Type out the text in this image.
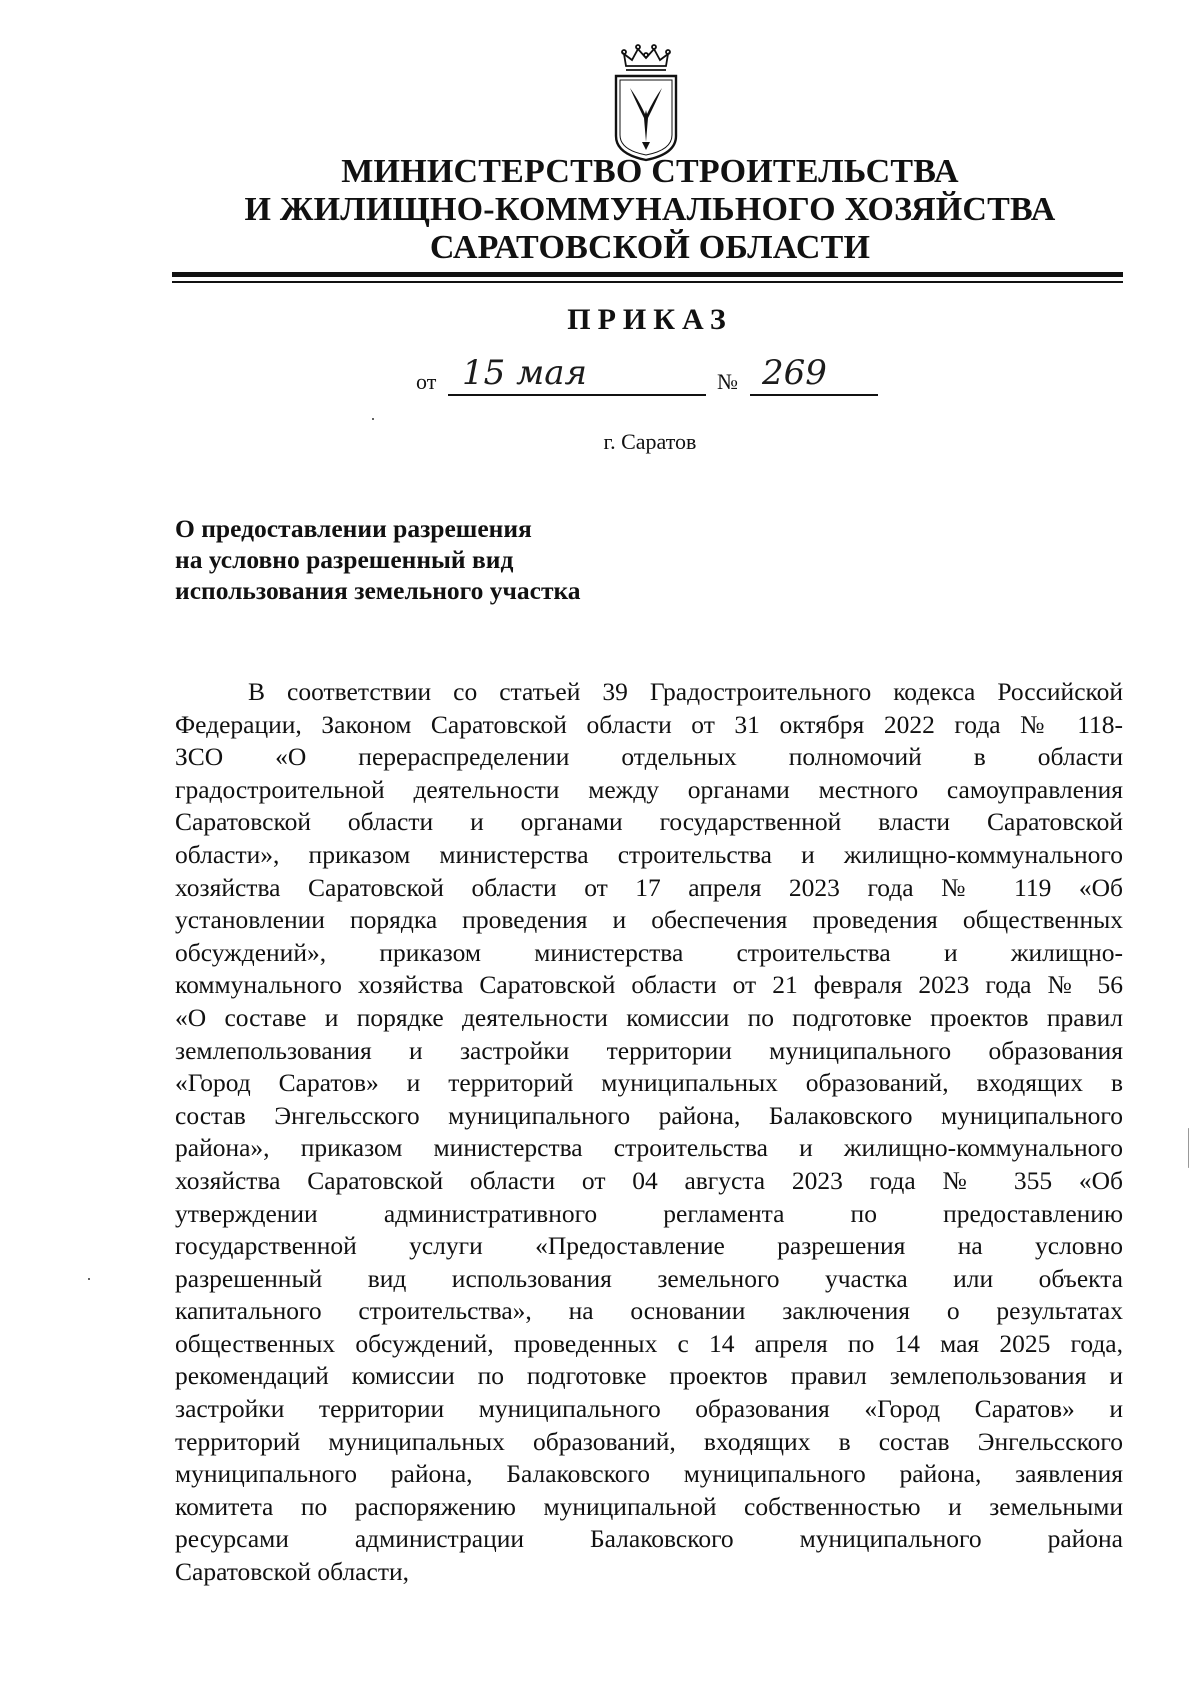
МИНИСТЕРСТВО СТРОИТЕЛЬСТВА
И ЖИЛИЩНО-КОММУНАЛЬНОГО ХОЗЯЙСТВА
САРАТОВСКОЙ ОБЛАСТИ
ПРИКАЗ
от 15 мая	№ 269
г. Саратов
О предоставлении разрешения
на условно разрешенный вид
использования земельного участка
В соответствии со статьей 39 Градостроительного кодекса Российской
Федерации, Законом Саратовской области от 31 октября 2022 года № 118-
ЗСО «О перераспределении отдельных полномочий в области
градостроительной деятельности между органами местного самоуправления
Саратовской области и органами государственной власти Саратовской
области», приказом министерства строительства и жилищно-коммунального
хозяйства Саратовской области от 17 апреля 2023 года № 119 «Об
установлении порядка проведения и обеспечения проведения общественных
обсуждений», приказом министерства строительства и жилищно-
коммунального хозяйства Саратовской области от 21 февраля 2023 года № 56
«О составе и порядке деятельности комиссии по подготовке проектов правил
землепользования и застройки территории муниципального образования
«Город Саратов» и территорий муниципальных образований, входящих в
состав Энгельсского муниципального района, Балаковского муниципального
района», приказом министерства строительства и жилищно-коммунального
хозяйства Саратовской области от 04 августа 2023 года № 355 «Об
утверждении административного регламента по предоставлению
государственной услуги «Предоставление разрешения на условно
разрешенный вид использования земельного участка или объекта
капитального строительства», на основании заключения о результатах
общественных обсуждений, проведенных с 14 апреля по 14 мая 2025 года,
рекомендаций комиссии по подготовке проектов правил землепользования и
застройки территории муниципального образования «Город Саратов» и
территорий муниципальных образований, входящих в состав Энгельсского
муниципального района, Балаковского муниципального района, заявления
комитета по распоряжению муниципальной собственностью и земельными
ресурсами администрации Балаковского муниципального района
Саратовской области,
